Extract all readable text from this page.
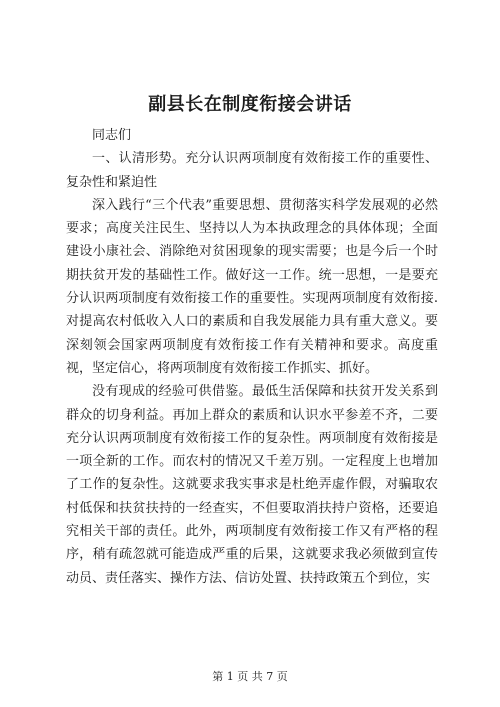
副县长在制度衔接会讲话

同志们

一、认清形势。充分认识两项制度有效衔接工作的重要性、复杂性和紧迫性

深入践行“三个代表”重要思想、贯彻落实科学发展观的必然要求；高度关注民生、坚持以人为本执政理念的具体体现；全面建设小康社会、消除绝对贫困现象的现实需要；也是今后一个时期扶贫开发的基础性工作。做好这一工作。统一思想，一是要充分认识两项制度有效衔接工作的重要性。实现两项制度有效衔接.对提高农村低收入人口的素质和自我发展能力具有重大意义。要深刻领会国家两项制度有效衔接工作有关精神和要求。高度重视，坚定信心，将两项制度有效衔接工作抓实、抓好。

没有现成的经验可供借鉴。最低生活保障和扶贫开发关系到群众的切身利益。再加上群众的素质和认识水平参差不齐，二要充分认识两项制度有效衔接工作的复杂性。两项制度有效衔接是一项全新的工作。而农村的情况又千差万别。一定程度上也增加了工作的复杂性。这就要求我实事求是杜绝弄虚作假，对骗取农村低保和扶贫扶持的一经查实，不但要取消扶持户资格，还要追究相关干部的责任。此外，两项制度有效衔接工作又有严格的程序，稍有疏忽就可能造成严重的后果，这就要求我必须做到宣传动员、责任落实、操作方法、信访处置、扶持政策五个到位，实

第 1 页 共 7 页
